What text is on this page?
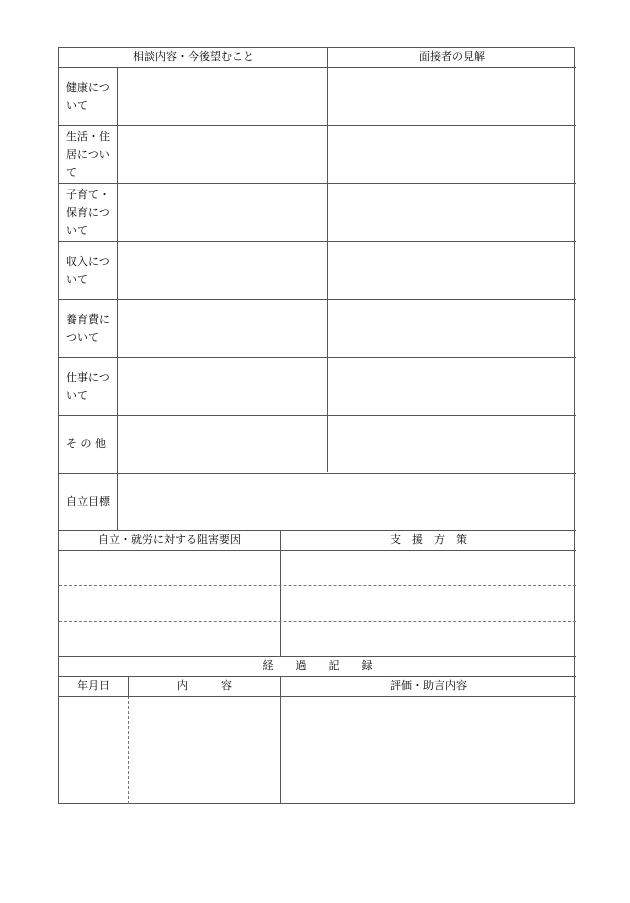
相談内容・今後望むこと	面接者の見解
健康について
生活・住居について
子育て・保育について
収入について
養育費について
仕事について
そ の 他
自立目標
自立・就労に対する阻害要因	支　援　方　策
経　　過　　記　　録
年月日	内　　　容	評価・助言内容
